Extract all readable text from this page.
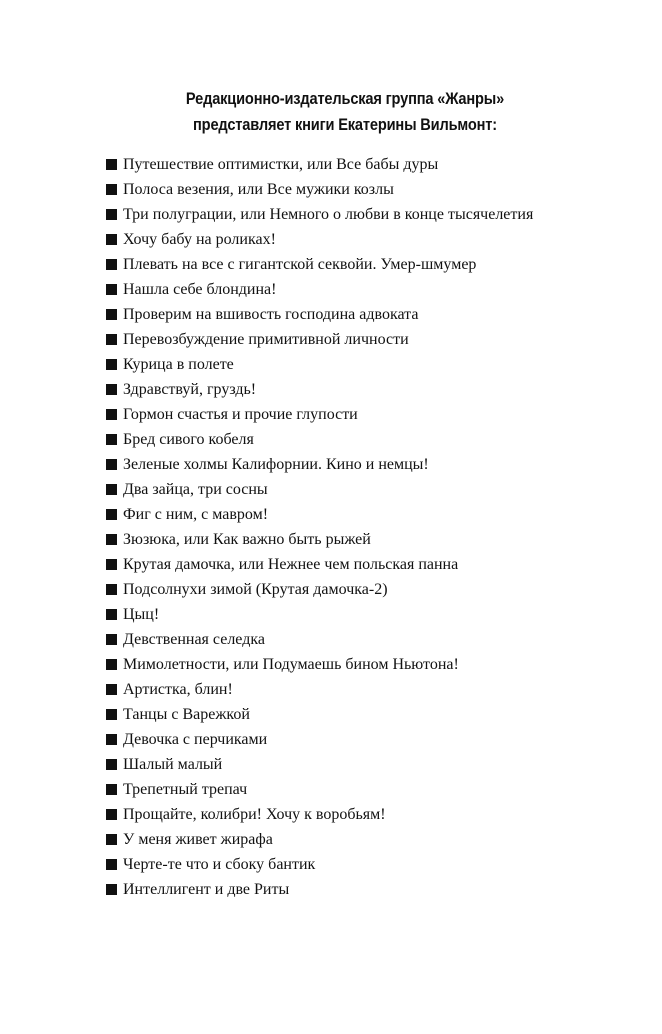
Редакционно-издательская группа «Жанры»
представляет книги Екатерины Вильмонт:
Путешествие оптимистки, или Все бабы дуры
Полоса везения, или Все мужики козлы
Три полуграции, или Немного о любви в конце тысячелетия
Хочу бабу на роликах!
Плевать на все с гигантской секвойи. Умер-шмумер
Нашла себе блондина!
Проверим на вшивость господина адвоката
Перевозбуждение примитивной личности
Курица в полете
Здравствуй, груздь!
Гормон счастья и прочие глупости
Бред сивого кобеля
Зеленые холмы Калифорнии. Кино и немцы!
Два зайца, три сосны
Фиг с ним, с мавром!
Зюзюка, или Как важно быть рыжей
Крутая дамочка, или Нежнее чем польская панна
Подсолнухи зимой (Крутая дамочка-2)
Цыц!
Девственная селедка
Мимолетности, или Подумаешь бином Ньютона!
Артистка, блин!
Танцы с Варежкой
Девочка с перчиками
Шалый малый
Трепетный трепач
Прощайте, колибри! Хочу к воробьям!
У меня живет жирафа
Черте-те что и сбоку бантик
Интеллигент и две Риты
